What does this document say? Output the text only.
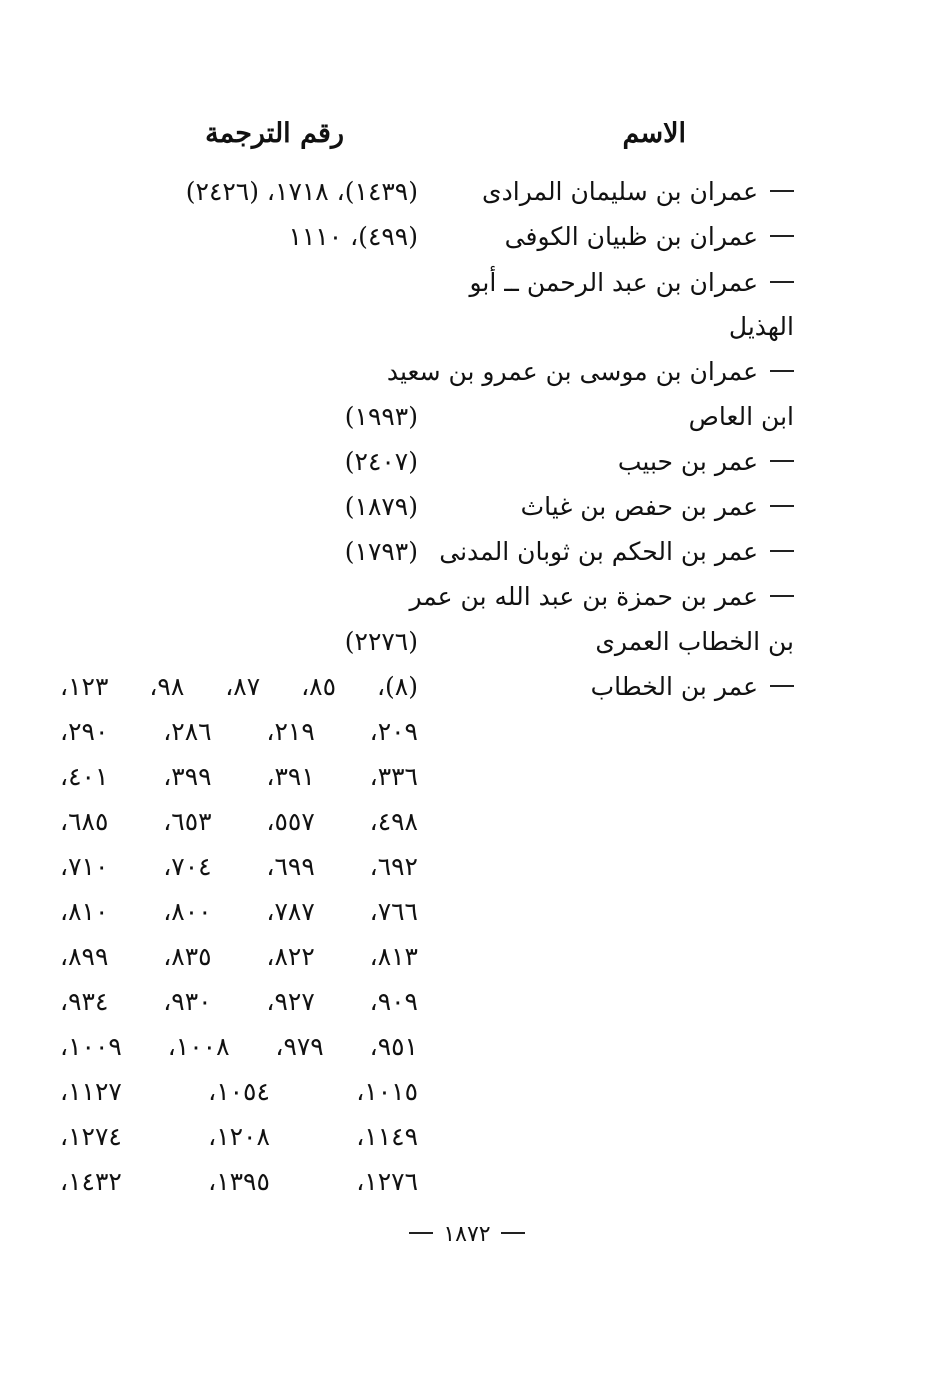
الاسم
رقم الترجمة
عمران بن سليمان المرادى
(١٤٣٩)، ١٧١٨، (٢٤٢٦)
عمران بن ظبيان الكوفى
(٤٩٩)، ١١١٠
عمران بن عبد الرحمن ــ أبو
الهذيل
عمران بن موسى بن عمرو بن سعيد
ابن العاص
(١٩٩٣)
عمر بن حبيب
(٢٤٠٧)
عمر بن حفص بن غياث
(١٨٧٩)
عمر بن الحكم بن ثوبان المدنى
(١٧٩٣)
عمر بن حمزة بن عبد الله بن عمر
بن الخطاب العمرى
(٢٢٧٦)
عمر بن الخطاب
(٨)،
٨٥،
٨٧،
٩٨،
١٢٣،
٢٠٩،
٢١٩،
٢٨٦،
٢٩٠،
٣٣٦،
٣٩١،
٣٩٩،
٤٠١،
٤٩٨،
٥٥٧،
٦٥٣،
٦٨٥،
٦٩٢،
٦٩٩،
٧٠٤،
٧١٠،
٧٦٦،
٧٨٧،
٨٠٠،
٨١٠،
٨١٣،
٨٢٢،
٨٣٥،
٨٩٩،
٩٠٩،
٩٢٧،
٩٣٠،
٩٣٤،
٩٥١،
٩٧٩،
١٠٠٨،
١٠٠٩،
١٠١٥،
١٠٥٤،
١١٢٧،
١١٤٩،
١٢٠٨،
١٢٧٤،
١٢٧٦،
١٣٩٥،
١٤٣٢،
١٨٧٢
